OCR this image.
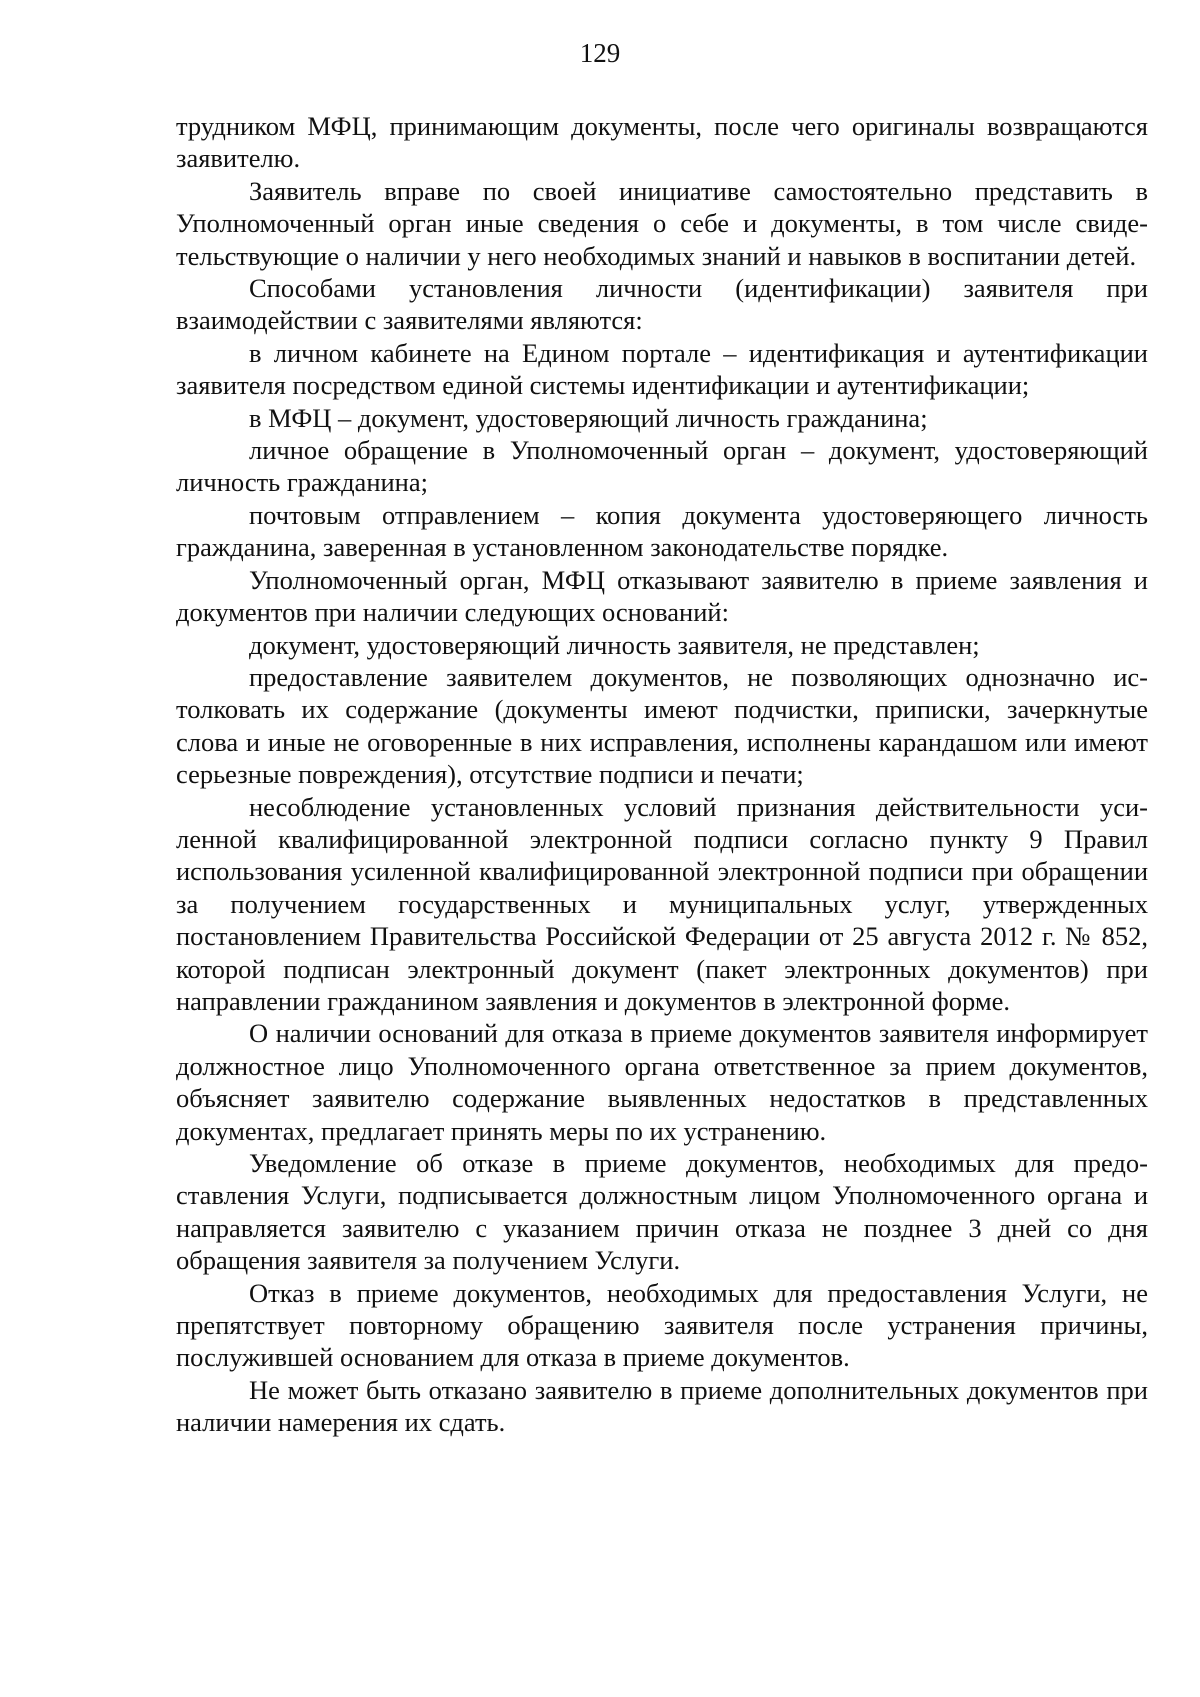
129

трудником МФЦ, принимающим документы, после чего оригиналы возвращаются заявителю.

Заявитель вправе по своей инициативе самостоятельно представить в Уполномоченный орган иные сведения о себе и документы, в том числе свидетельствующие о наличии у него необходимых знаний и навыков в воспитании детей.

Способами установления личности (идентификации) заявителя при взаимодействии с заявителями являются:

в личном кабинете на Едином портале – идентификация и аутентификации заявителя посредством единой системы идентификации и аутентификации;

в МФЦ – документ, удостоверяющий личность гражданина;

личное обращение в Уполномоченный орган – документ, удостоверяющий личность гражданина;

почтовым отправлением – копия документа удостоверяющего личность гражданина, заверенная в установленном законодательстве порядке.

Уполномоченный орган, МФЦ отказывают заявителю в приеме заявления и документов при наличии следующих оснований:

документ, удостоверяющий личность заявителя, не представлен;

предоставление заявителем документов, не позволяющих однозначно истолковать их содержание (документы имеют подчистки, приписки, зачеркнутые слова и иные не оговоренные в них исправления, исполнены карандашом или имеют серьезные повреждения), отсутствие подписи и печати;

несоблюдение установленных условий признания действительности усиленной квалифицированной электронной подписи согласно пункту 9 Правил использования усиленной квалифицированной электронной подписи при обращении за получением государственных и муниципальных услуг, утвержденных постановлением Правительства Российской Федерации от 25 августа 2012 г. № 852, которой подписан электронный документ (пакет электронных документов) при направлении гражданином заявления и документов в электронной форме.

О наличии оснований для отказа в приеме документов заявителя информирует должностное лицо Уполномоченного органа ответственное за прием документов, объясняет заявителю содержание выявленных недостатков в представленных документах, предлагает принять меры по их устранению.

Уведомление об отказе в приеме документов, необходимых для предоставления Услуги, подписывается должностным лицом Уполномоченного органа и направляется заявителю с указанием причин отказа не позднее 3 дней со дня обращения заявителя за получением Услуги.

Отказ в приеме документов, необходимых для предоставления Услуги, не препятствует повторному обращению заявителя после устранения причины, послужившей основанием для отказа в приеме документов.

Не может быть отказано заявителю в приеме дополнительных документов при наличии намерения их сдать.
